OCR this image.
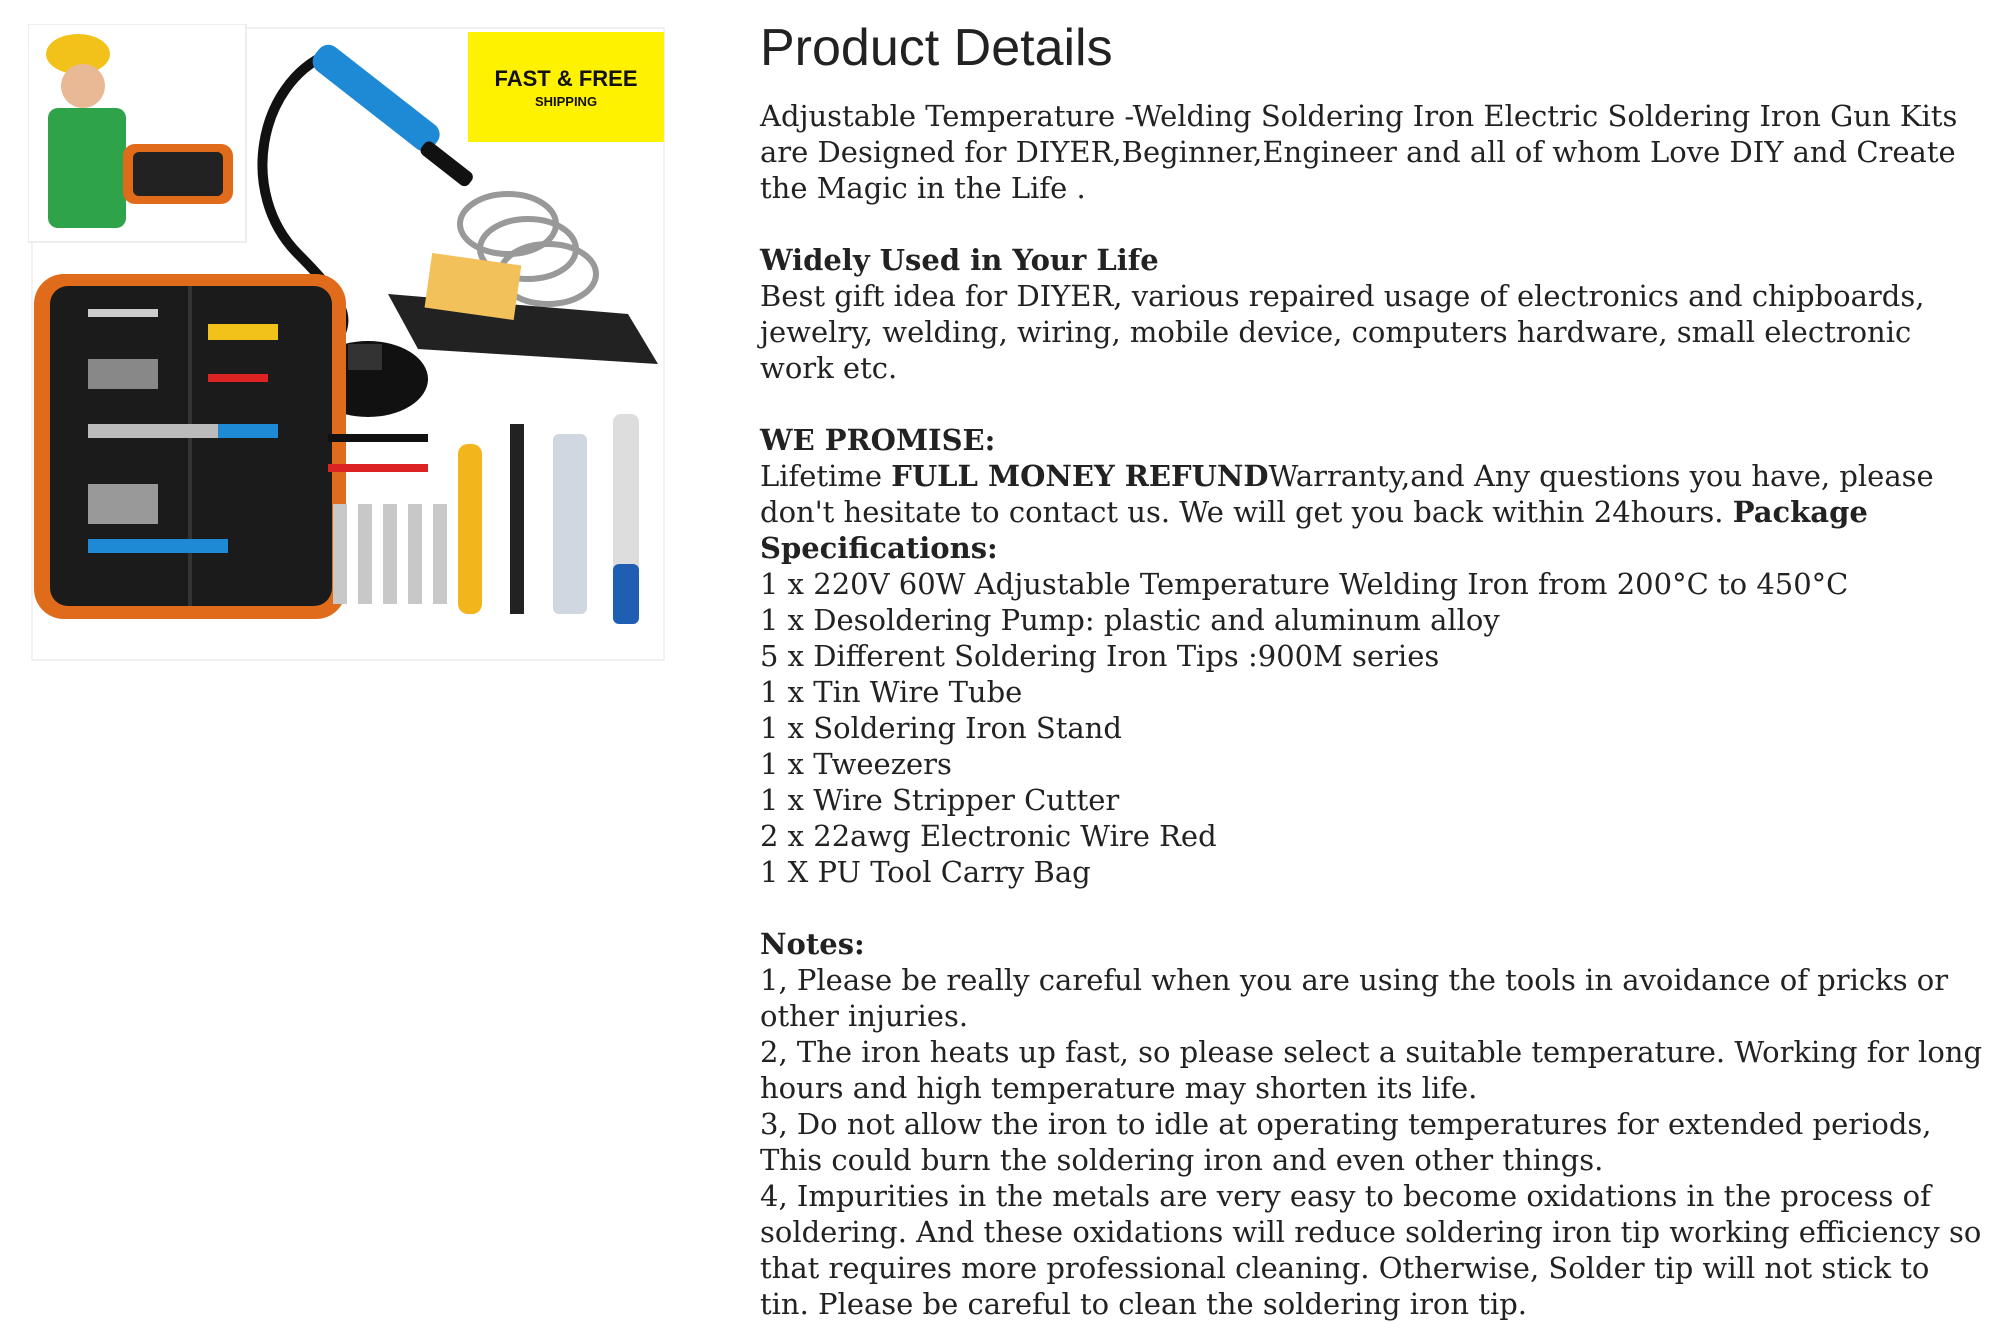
FAST & FREE
SHIPPING
Product Details

Adjustable Temperature -Welding Soldering Iron Electric Soldering Iron Gun Kits are Designed for DIYER,Beginner,Engineer and all of whom Love DIY and Create the Magic in the Life .

Widely Used in Your Life

Best gift idea for DIYER, various repaired usage of electronics and chipboards, jewelry, welding, wiring, mobile device, computers hardware, small electronic work etc.

WE PROMISE:

Lifetime FULL MONEY REFUNDWarranty,and Any questions you have, please don't hesitate to contact us. We will get you back within 24hours. Package Specifications:

1 x 220V 60W Adjustable Temperature Welding Iron from 200°C to 450°C
1 x Desoldering Pump: plastic and aluminum alloy
5 x Different Soldering Iron Tips :900M series
1 x Tin Wire Tube
1 x Soldering Iron Stand
1 x Tweezers
1 x Wire Stripper Cutter
2 x 22awg Electronic Wire Red
1 X PU Tool Carry Bag

Notes:

1, Please be really careful when you are using the tools in avoidance of pricks or other injuries.
2, The iron heats up fast, so please select a suitable temperature. Working for long hours and high temperature may shorten its life.
3, Do not allow the iron to idle at operating temperatures for extended periods, This could burn the soldering iron and even other things.
4, Impurities in the metals are very easy to become oxidations in the process of soldering. And these oxidations will reduce soldering iron tip working efficiency so that requires more professional cleaning. Otherwise, Solder tip will not stick to tin. Please be careful to clean the soldering iron tip.
